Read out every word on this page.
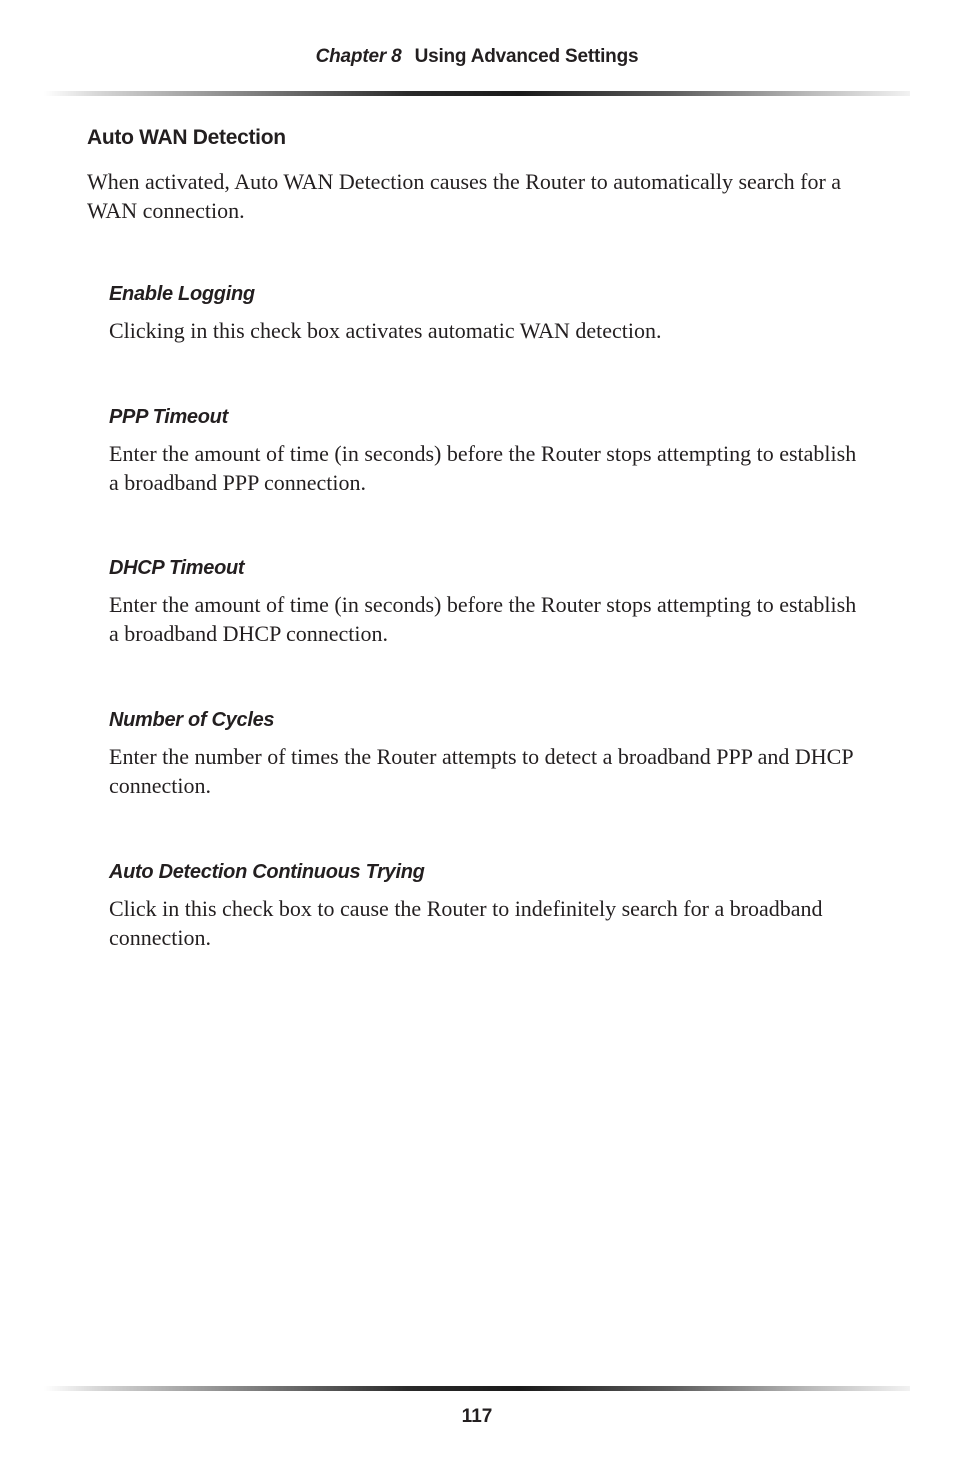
Chapter 8 Using Advanced Settings
Auto WAN Detection

When activated, Auto WAN Detection causes the Router to automatically search for a WAN connection.

Enable Logging

Clicking in this check box activates automatic WAN detection.

PPP Timeout

Enter the amount of time (in seconds) before the Router stops attempting to establish a broadband PPP connection.

DHCP Timeout

Enter the amount of time (in seconds) before the Router stops attempting to establish a broadband DHCP connection.

Number of Cycles

Enter the number of times the Router attempts to detect a broadband PPP and DHCP connection.

Auto Detection Continuous Trying

Click in this check box to cause the Router to indefinitely search for a broadband connection.

117
